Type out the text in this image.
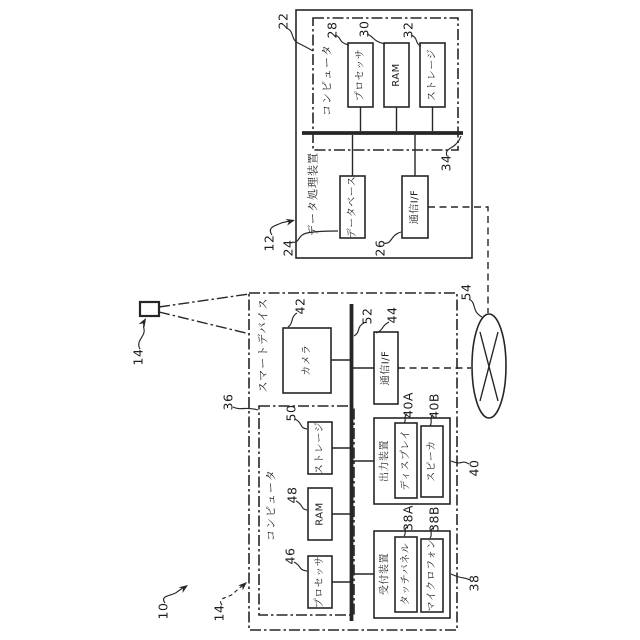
データ処理装置
コンピュータ プロセッサ	RAM	ストレージ
データベース	通信I/F
スマートデバイス	カメラ	通信I/F
コンピュータ
ストレージ
RAM
プロセッサ
出力装置 ディスプレイ スピーカ
受付装置 タッチパネル マイクロフォン
12
22
28 30 32
34
24	26
54
36
42
52 44
50
48
46
40A 40B
40
38A 38B
38
14
10	14
